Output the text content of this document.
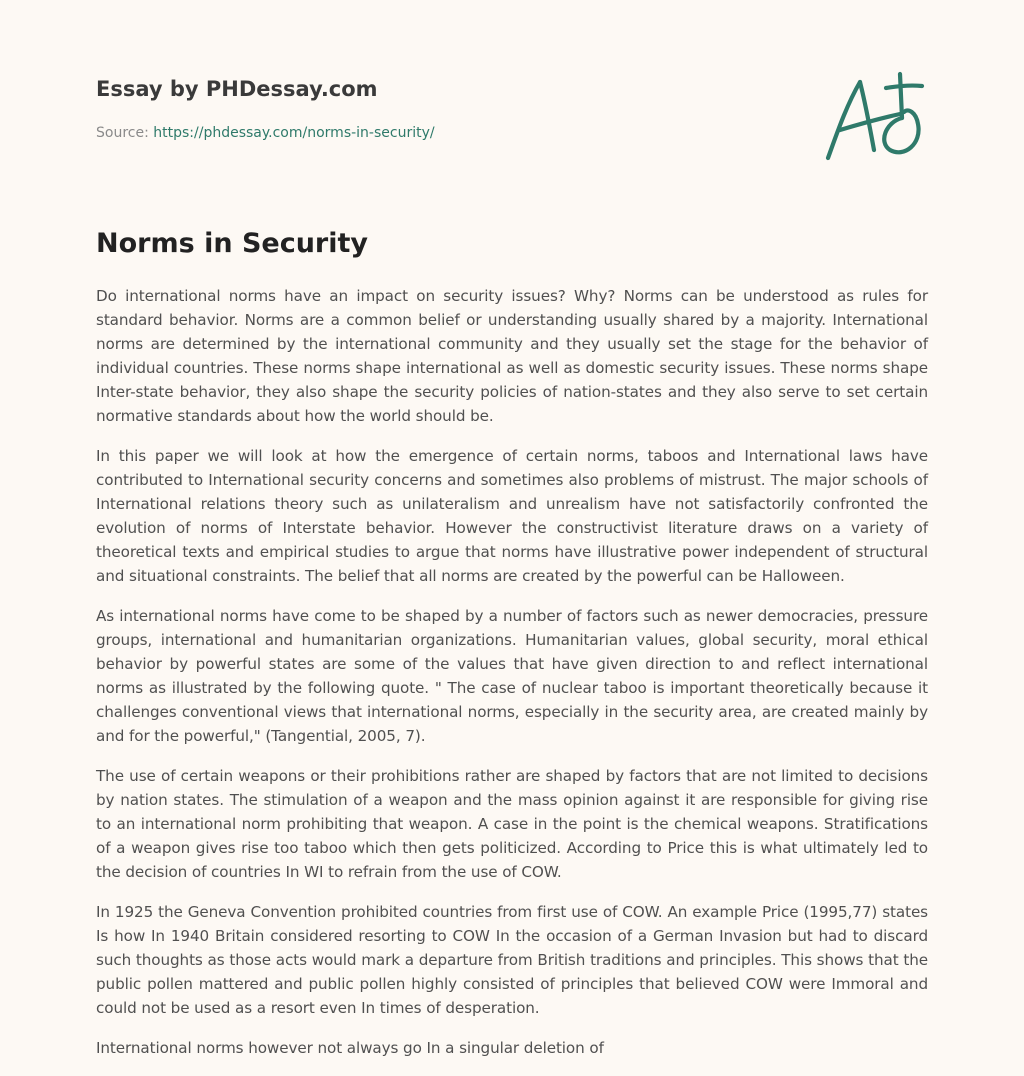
Essay by PHDessay.com
Source: https://phdessay.com/norms-in-security/
Norms in Security

Do international norms have an impact on security issues? Why? Norms can be understood as rules for standard behavior. Norms are a common belief or understanding usually shared by a majority. International norms are determined by the international community and they usually set the stage for the behavior of individual countries. These norms shape international as well as domestic security issues. These norms shape Inter-state behavior, they also shape the security policies of nation-states and they also serve to set certain normative standards about how the world should be.

In this paper we will look at how the emergence of certain norms, taboos and International laws have contributed to International security concerns and sometimes also problems of mistrust. The major schools of International relations theory such as unilateralism and unrealism have not satisfactorily confronted the evolution of norms of Interstate behavior. However the constructivist literature draws on a variety of theoretical texts and empirical studies to argue that norms have illustrative power independent of structural and situational constraints. The belief that all norms are created by the powerful can be Halloween.

As international norms have come to be shaped by a number of factors such as newer democracies, pressure groups, international and humanitarian organizations. Humanitarian values, global security, moral ethical behavior by powerful states are some of the values that have given direction to and reflect international norms as illustrated by the following quote. " The case of nuclear taboo is important theoretically because it challenges conventional views that international norms, especially in the security area, are created mainly by and for the powerful," (Tangential, 2005, 7).

The use of certain weapons or their prohibitions rather are shaped by factors that are not limited to decisions by nation states. The stimulation of a weapon and the mass opinion against it are responsible for giving rise to an international norm prohibiting that weapon. A case in the point is the chemical weapons. Stratifications of a weapon gives rise too taboo which then gets politicized. According to Price this is what ultimately led to the decision of countries In WI to refrain from the use of COW.

In 1925 the Geneva Convention prohibited countries from first use of COW. An example Price (1995,77) states Is how In 1940 Britain considered resorting to COW In the occasion of a German Invasion but had to discard such thoughts as those acts would mark a departure from British traditions and principles. This shows that the public pollen mattered and public pollen highly consisted of principles that believed COW were Immoral and could not be used as a resort even In times of desperation.

International norms however not always go In a singular deletion of
